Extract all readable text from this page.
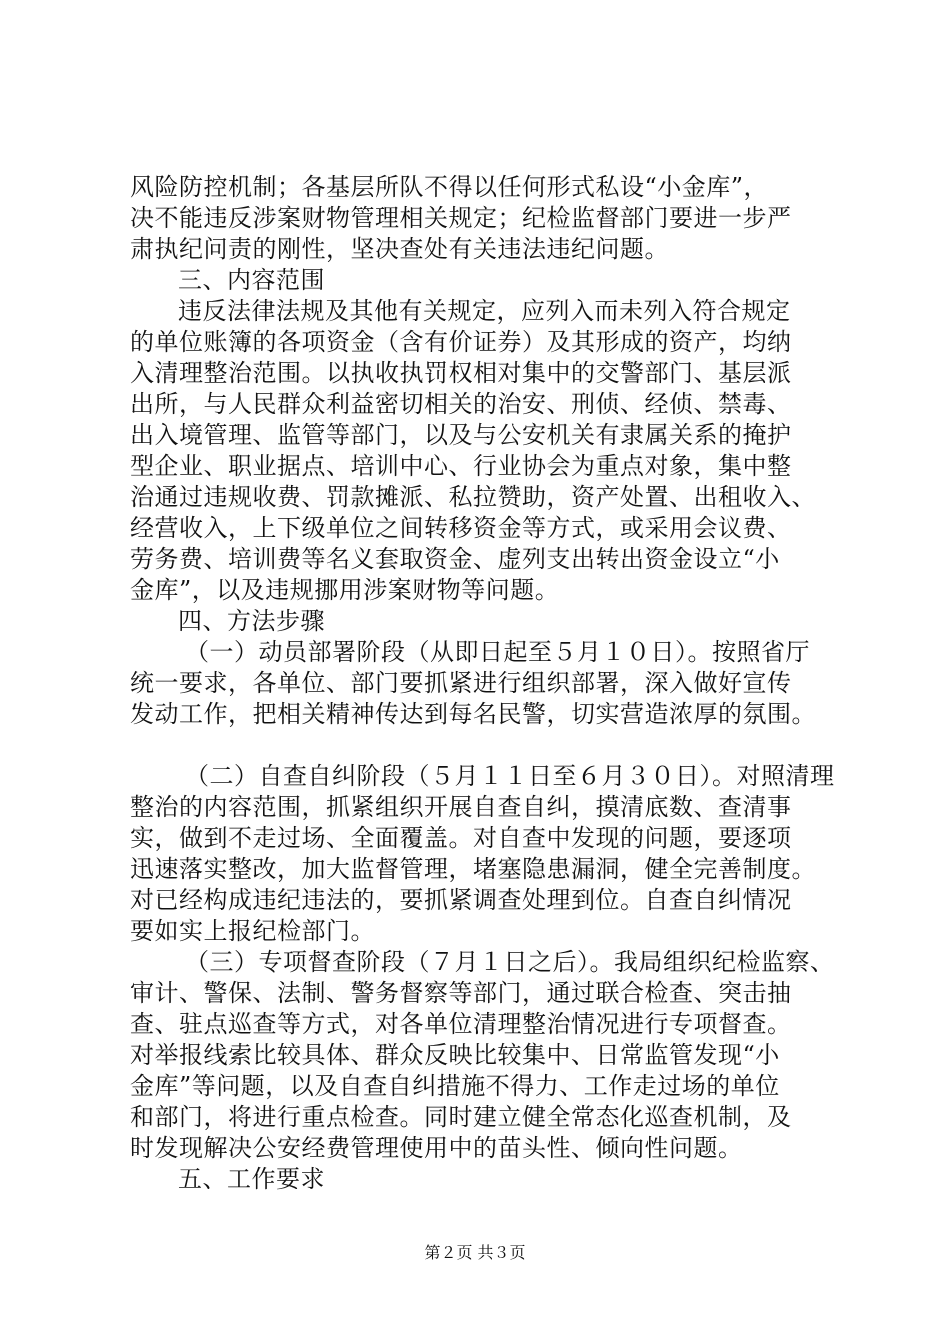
风险防控机制；各基层所队不得以任何形式私设“小金库”，
决不能违反涉案财物管理相关规定；纪检监督部门要进一步严
肃执纪问责的刚性，坚决查处有关违法违纪问题。
三、内容范围
违反法律法规及其他有关规定，应列入而未列入符合规定
的单位账簿的各项资金（含有价证券）及其形成的资产，均纳
入清理整治范围。以执收执罚权相对集中的交警部门、基层派
出所，与人民群众利益密切相关的治安、刑侦、经侦、禁毒、
出入境管理、监管等部门，以及与公安机关有隶属关系的掩护
型企业、职业据点、培训中心、行业协会为重点对象，集中整
治通过违规收费、罚款摊派、私拉赞助，资产处置、出租收入、
经营收入，上下级单位之间转移资金等方式，或采用会议费、
劳务费、培训费等名义套取资金、虚列支出转出资金设立“小
金库”，以及违规挪用涉案财物等问题。
四、方法步骤
（一）动员部署阶段（从即日起至５月１０日）。按照省厅
统一要求，各单位、部门要抓紧进行组织部署，深入做好宣传
发动工作，把相关精神传达到每名民警，切实营造浓厚的氛围。
（二）自查自纠阶段（５月１１日至６月３０日）。对照清理
整治的内容范围，抓紧组织开展自查自纠，摸清底数、查清事
实，做到不走过场、全面覆盖。对自查中发现的问题，要逐项
迅速落实整改，加大监督管理，堵塞隐患漏洞，健全完善制度。
对已经构成违纪违法的，要抓紧调查处理到位。自查自纠情况
要如实上报纪检部门。
（三）专项督查阶段（７月１日之后）。我局组织纪检监察、
审计、警保、法制、警务督察等部门，通过联合检查、突击抽
查、驻点巡查等方式，对各单位清理整治情况进行专项督查。
对举报线索比较具体、群众反映比较集中、日常监管发现“小
金库”等问题，以及自查自纠措施不得力、工作走过场的单位
和部门，将进行重点检查。同时建立健全常态化巡查机制，及
时发现解决公安经费管理使用中的苗头性、倾向性问题。
五、工作要求
第２页 共３页
